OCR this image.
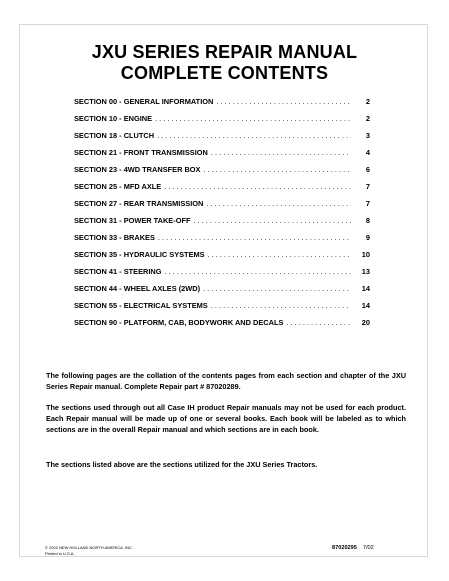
JXU SERIES REPAIR MANUAL
COMPLETE CONTENTS
SECTION 00 - GENERAL INFORMATION . . .	2
SECTION 10 - ENGINE . . .	2
SECTION 18 - CLUTCH . . .	3
SECTION 21 - FRONT TRANSMISSION . . .	4
SECTION 23 - 4WD TRANSFER BOX . . .	6
SECTION 25 - MFD AXLE . . .	7
SECTION 27 - REAR TRANSMISSION . . .	7
SECTION 31 - POWER TAKE-OFF . . .	8
SECTION 33 - BRAKES . . .	9
SECTION 35 - HYDRAULIC SYSTEMS . . .	10
SECTION 41 - STEERING . . .	13
SECTION 44 - WHEEL AXLES (2WD) . . .	14
SECTION 55 - ELECTRICAL SYSTEMS . . .	14
SECTION 90 - PLATFORM, CAB, BODYWORK AND DECALS . . .	20

The following pages are the collation of the contents pages from each section and chapter of the JXU Series Repair manual. Complete Repair part # 87020289.

The sections used through out all Case IH product Repair manuals may not be used for each product. Each Repair manual will be made up of one or several books. Each book will be labeled as to which sections are in the overall Repair manual and which sections are in each book.

The sections listed above are the sections utilized for the JXU Series Tractors.

© 2002 NEW HOLLAND NORTH AMERICA, INC.
Printed in U.S.A.
87020295 7/02
